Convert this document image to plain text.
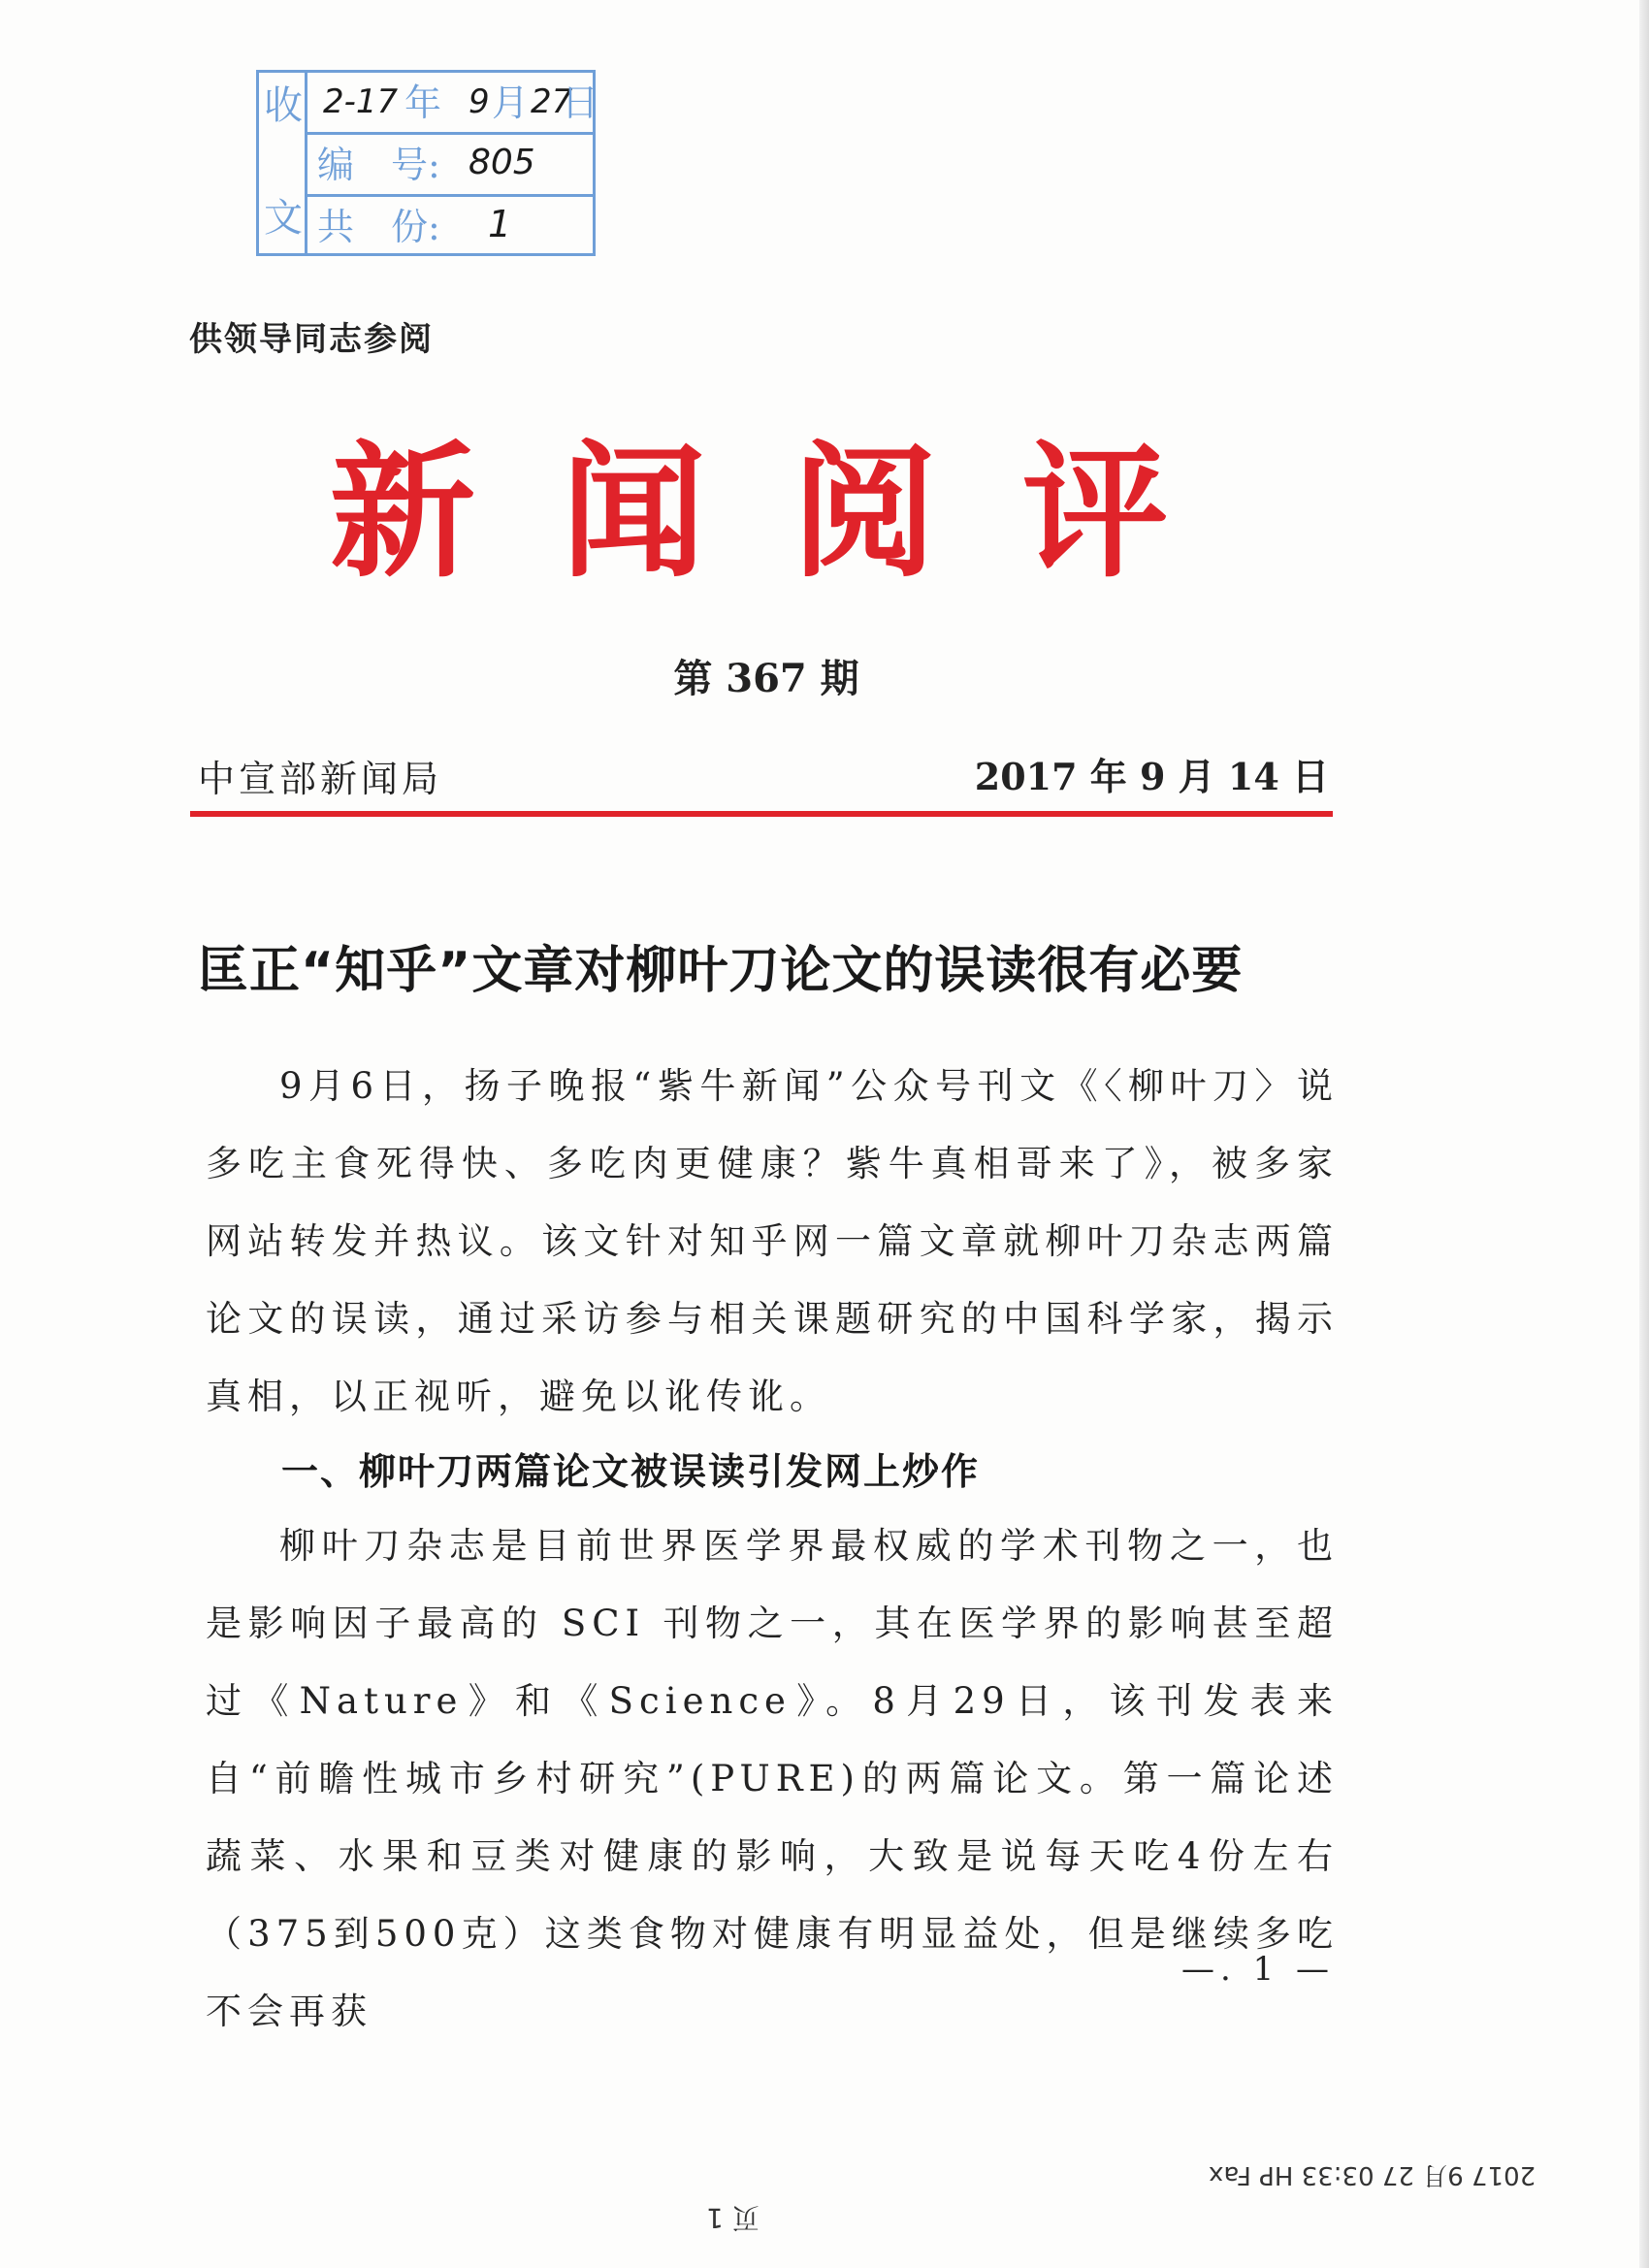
收
文
2-17 年 9 月 27
日
编　号: 805
共　份: 1
供领导同志参阅
新闻阅评
第 367 期
中宣部新闻局	2017 年 9 月 14 日
匡正“知乎”文章对柳叶刀论文的误读很有必要
9月6日，扬子晚报“紫牛新闻”公众号刊文《〈柳叶刀〉说多吃主食死得快、多吃肉更健康？紫牛真相哥来了》，被多家网站转发并热议。该文针对知乎网一篇文章就柳叶刀杂志两篇论文的误读，通过采访参与相关课题研究的中国科学家，揭示真相，以正视听，避免以讹传讹。
一、柳叶刀两篇论文被误读引发网上炒作
柳叶刀杂志是目前世界医学界最权威的学术刊物之一，也是影响因子最高的 SCI 刊物之一，其在医学界的影响甚至超过《Nature》和《Science》。8月29日，该刊发表来自“前瞻性城市乡村研究”(PURE)的两篇论文。第一篇论述蔬菜、水果和豆类对健康的影响，大致是说每天吃4份左右（375到500克）这类食物对健康有明显益处，但是继续多吃不会再获
—. 1 —
页 1
2017 9月 27 03:33 HP Fax
